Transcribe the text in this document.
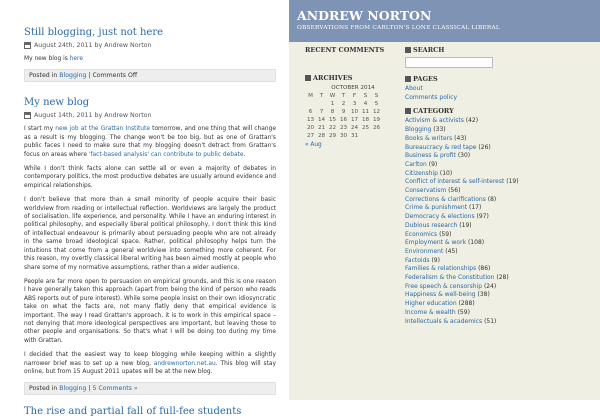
Still blogging, just not here
August 24th, 2011 by Andrew Norton

My new blog is here

Posted in Blogging | Comments Off
My new blog
August 14th, 2011 by Andrew Norton

I start my new job at the Grattan Institute tomorrow, and one thing that will change as a result is my blogging. The change won't be too big, but as one of Grattan's public faces I need to make sure that my blogging doesn't detract from Grattan's focus on areas where 'fact-based analysis' can contribute to public debate.

While I don't think facts alone can settle all or even a majority of debates in contemporary politics, the most productive debates are usually around evidence and empirical relationships.

I don't believe that more than a small minority of people acquire their basic worldview from reading or intellectual reflection. Worldviews are largely the product of socialisation, life experience, and personality. While I have an enduring interest in political philosophy, and especially liberal political philosophy, I don't think this kind of intellectual endeavour is primarily about persuading people who are not already in the same broad ideological space. Rather, political philosophy helps turn the intuitions that come from a general worldview into something more coherent. For this reason, my overtly classical liberal writing has been aimed mostly at people who share some of my normative assumptions, rather than a wider audience.

People are far more open to persuasion on empirical grounds, and this is one reason I have generally taken this approach (apart from being the kind of person who reads ABS reports out of pure interest). While some people insist on their own idiosyncratic take on what the facts are, not many flatly deny that empirical evidence is important. The way I read Grattan's approach, it is to work in this empirical space – not denying that more ideological perspectives are important, but leaving those to other people and organisations. So that's what I will be doing too during my time with Grattan.

I decided that the easiest way to keep blogging while keeping within a slightly narrower brief was to set up a new blog, andrewnorton.net.au. This blog will stay online, but from 15 August 2011 upates will be at the new blog.

Posted in Blogging | 5 Comments »
The rise and partial fall of full-fee students
ANDREW NORTON
OBSERVATIONS FROM CARLTON'S LONE CLASSICAL LIBERAL
RECENT COMMENTS
ARCHIVES
OCTOBER 2014
M	T	W	T	F	S	S
		1	2	3	4	5
6	7	8	9	10	11	12
13	14	15	16	17	18	19
20	21	22	23	24	25	26
27	28	29	30	31		
« Aug
SEARCH
PAGES
About
Comments policy
CATEGORY
Activism & activists (42)
Blogging (33)
Books & writers (43)
Bureaucracy & red tape (26)
Business & profit (30)
Carlton (9)
Citizenship (10)
Conflict of interest & self-interest (19)
Conservatism (56)
Corrections & clarifications (8)
Crime & punishment (17)
Democracy & elections (97)
Dubious research (19)
Economics (59)
Employment & work (108)
Environment (45)
Factoids (9)
Families & relationships (86)
Federalism & the Constitution (28)
Free speech & censorship (24)
Happiness & well-being (38)
Higher education (288)
Income & wealth (59)
Intellectuals & academics (51)
